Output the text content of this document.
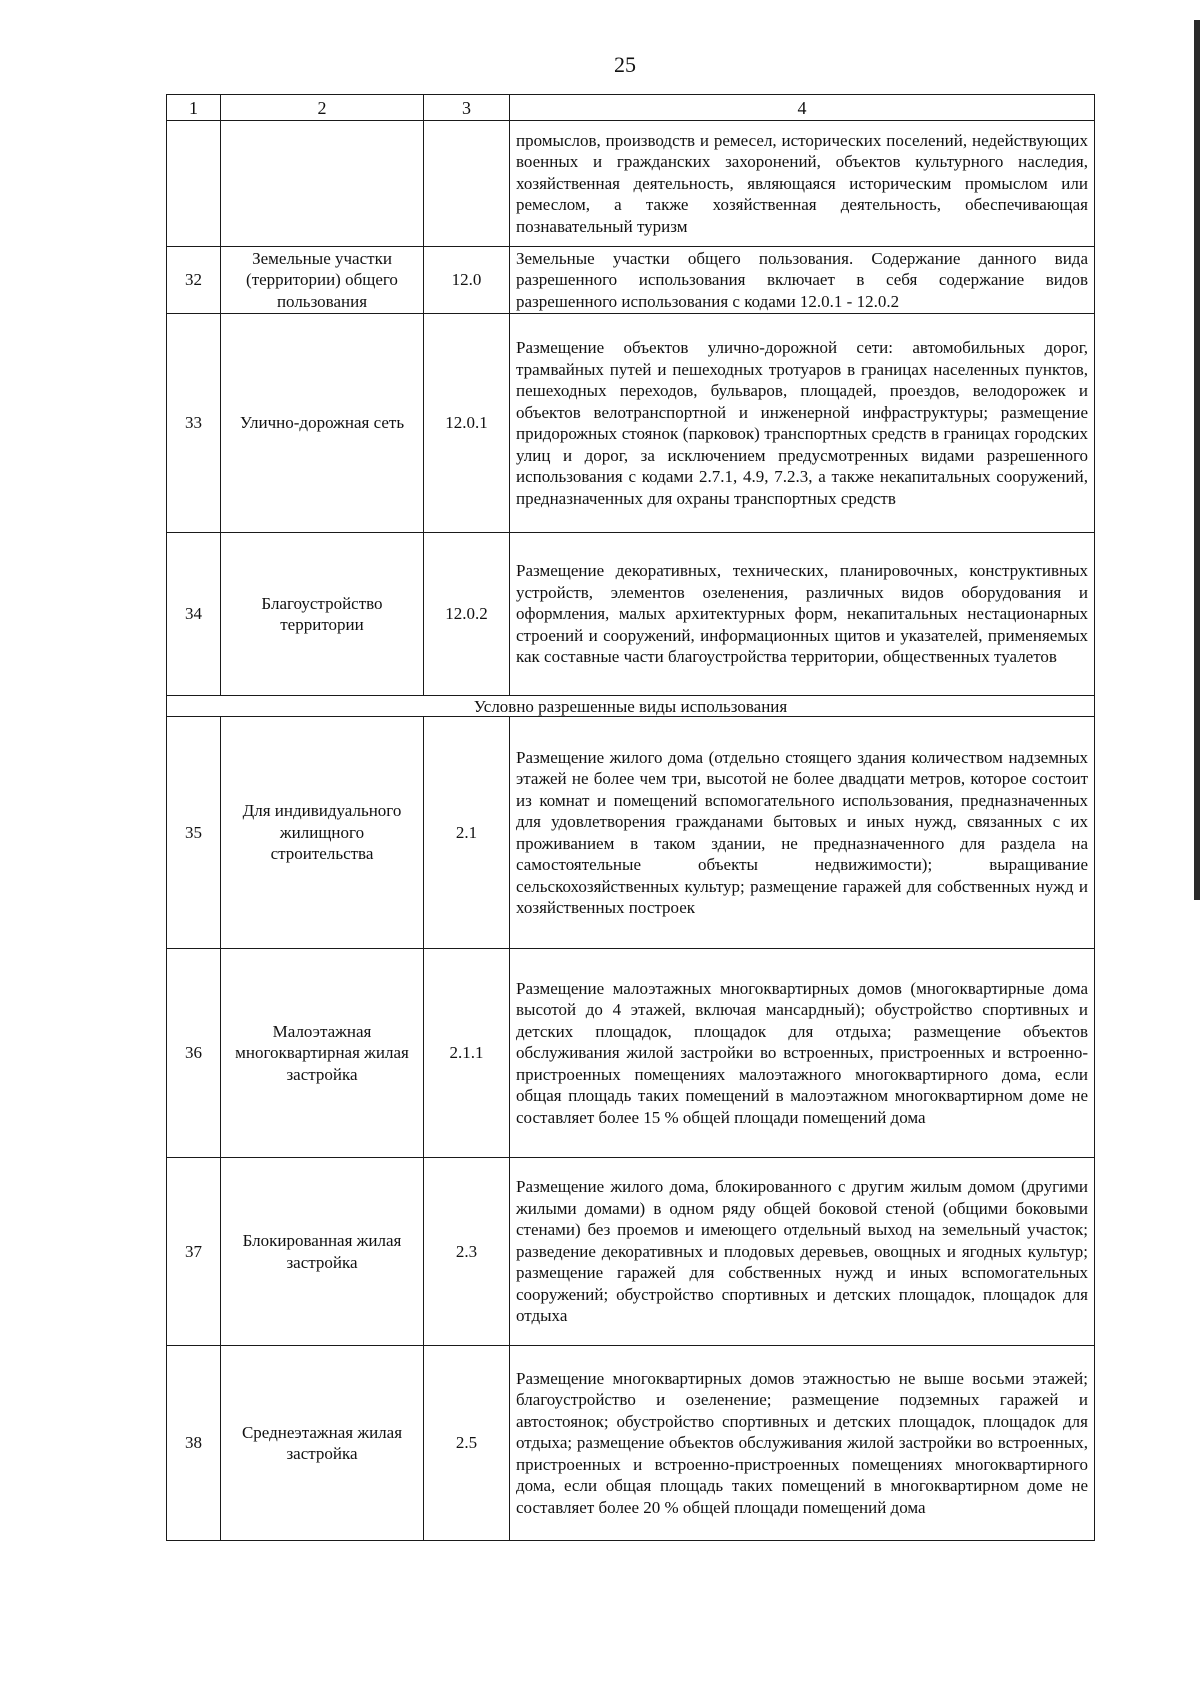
25
1	2	3	4
			промыслов, производств и ремесел, исторических поселений, недействующих военных и гражданских захоронений, объектов культурного наследия, хозяйственная деятельность, являющаяся историческим промыслом или ремеслом, а также хозяйственная деятельность, обеспечивающая познавательный туризм
32	Земельные участки (территории) общего пользования	12.0	Земельные участки общего пользования. Содержание данного вида разрешенного использования включает в себя содержание видов разрешенного использования с кодами 12.0.1 - 12.0.2
33	Улично-дорожная сеть	12.0.1	Размещение объектов улично-дорожной сети: автомобильных дорог, трамвайных путей и пешеходных тротуаров в границах населенных пунктов, пешеходных переходов, бульваров, площадей, проездов, велодорожек и объектов велотранспортной и инженерной инфраструктуры; размещение придорожных стоянок (парковок) транспортных средств в границах городских улиц и дорог, за исключением предусмотренных видами разрешенного использования с кодами 2.7.1, 4.9, 7.2.3, а также некапитальных сооружений, предназначенных для охраны транспортных средств
34	Благоустройство территории	12.0.2	Размещение декоративных, технических, планировочных, конструктивных устройств, элементов озеленения, различных видов оборудования и оформления, малых архитектурных форм, некапитальных нестационарных строений и сооружений, информационных щитов и указателей, применяемых как составные части благоустройства территории, общественных туалетов
Условно разрешенные виды использования			
35	Для индивидуального жилищного строительства	2.1	Размещение жилого дома (отдельно стоящего здания количеством надземных этажей не более чем три, высотой не более двадцати метров, которое состоит из комнат и помещений вспомогательного использования, предназначенных для удовлетворения гражданами бытовых и иных нужд, связанных с их проживанием в таком здании, не предназначенного для раздела на самостоятельные объекты недвижимости); выращивание сельскохозяйственных культур; размещение гаражей для собственных нужд и хозяйственных построек
36	Малоэтажная многоквартирная жилая застройка	2.1.1	Размещение малоэтажных многоквартирных домов (многоквартирные дома высотой до 4 этажей, включая мансардный); обустройство спортивных и детских площадок, площадок для отдыха; размещение объектов обслуживания жилой застройки во встроенных, пристроенных и встроенно-пристроенных помещениях малоэтажного многоквартирного дома, если общая площадь таких помещений в малоэтажном многоквартирном доме не составляет более 15 % общей площади помещений дома
37	Блокированная жилая застройка	2.3	Размещение жилого дома, блокированного с другим жилым домом (другими жилыми домами) в одном ряду общей боковой стеной (общими боковыми стенами) без проемов и имеющего отдельный выход на земельный участок; разведение декоративных и плодовых деревьев, овощных и ягодных культур; размещение гаражей для собственных нужд и иных вспомогательных сооружений; обустройство спортивных и детских площадок, площадок для отдыха
38	Среднеэтажная жилая застройка	2.5	Размещение многоквартирных домов этажностью не выше восьми этажей; благоустройство и озеленение; размещение подземных гаражей и автостоянок; обустройство спортивных и детских площадок, площадок для отдыха; размещение объектов обслуживания жилой застройки во встроенных, пристроенных и встроенно-пристроенных помещениях многоквартирного дома, если общая площадь таких помещений в многоквартирном доме не составляет более 20 % общей площади помещений дома
